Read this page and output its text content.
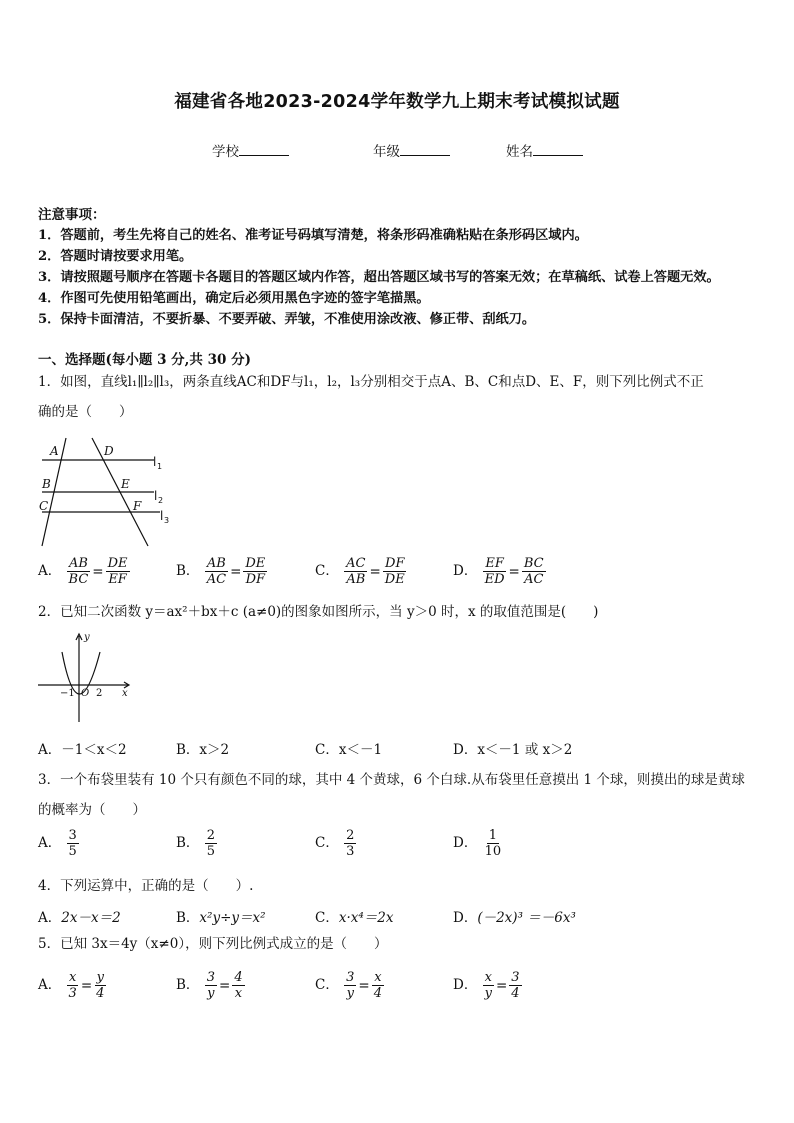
福建省各地2023-2024学年数学九上期末考试模拟试题
学校	年级	姓名
注意事项：
1．答题前，考生先将自己的姓名、准考证号码填写清楚，将条形码准确粘贴在条形码区域内。
2．答题时请按要求用笔。
3．请按照题号顺序在答题卡各题目的答题区域内作答，超出答题区域书写的答案无效；在草稿纸、试卷上答题无效。
4．作图可先使用铅笔画出，确定后必须用黑色字迹的签字笔描黑。
5．保持卡面清洁，不要折暴、不要弄破、弄皱，不准使用涂改液、修正带、刮纸刀。
一、选择题(每小题 3 分,共 30 分)
1．如图，直线l₁∥l₂∥l₃，两条直线AC和DF与l₁，l₂，l₃分别相交于点A、B、C和点D、E、F，则下列比例式不正
确的是（　　）
A	D
B	E
C	F
l 1
l 2
l 3
A． $\frac{AB}{BC} = \frac{DE}{EF}$	B． $\frac{AB}{AC} = \frac{DE}{DF}$	C． $\frac{AC}{AB} = \frac{DF}{DE}$	D． $\frac{EF}{ED} = \frac{BC}{AC}$
2．已知二次函数 y＝ax²＋bx＋c (a≠0)的图象如图所示，当 y＞0 时，x 的取值范围是(　　)
y
x
−1 O 2
A．－1＜x＜2	B．x＞2	C．x＜－1	D．x＜－1 或 x＞2
3．一个布袋里装有 10 个只有颜色不同的球，其中 4 个黄球，6 个白球.从布袋里任意摸出 1 个球，则摸出的球是黄球
的概率为（　　）
A． $\frac{3}{5}$	B． $\frac{2}{5}$	C． $\frac{2}{3}$	D． $\frac{1}{10}$
4．下列运算中，正确的是（　　）.
A．2x－x＝2	B．x²y÷y＝x²	C．x·x⁴＝2x	D．(－2x)³ ＝－6x³
5．已知 3x＝4y（x≠0），则下列比例式成立的是（　　）
A． $\frac{x}{3} = \frac{y}{4}$	B． $\frac{3}{y} = \frac{4}{x}$	C． $\frac{3}{y} = \frac{x}{4}$	D． $\frac{x}{y} = \frac{3}{4}$
